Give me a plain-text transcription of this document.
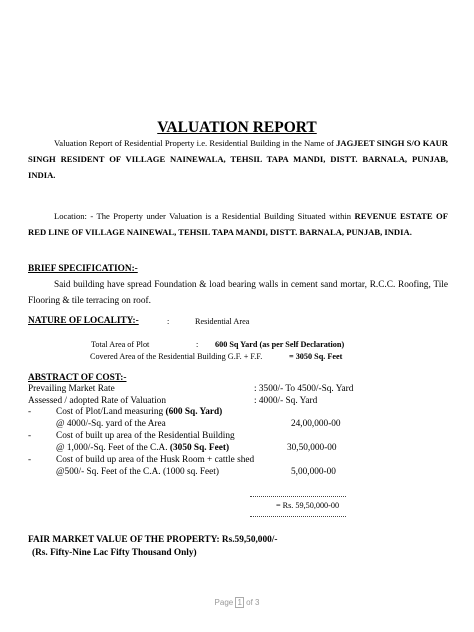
VALUATION REPORT
Valuation Report of Residential Property i.e. Residential Building in the Name of JAGJEET SINGH S/O KAUR SINGH RESIDENT OF VILLAGE NAINEWALA, TEHSIL TAPA MANDI, DISTT. BARNALA, PUNJAB, INDIA.
Location: - The Property under Valuation is a Residential Building Situated within REVENUE ESTATE OF RED LINE OF VILLAGE NAINEWAL, TEHSIL TAPA MANDI, DISTT. BARNALA, PUNJAB, INDIA.
BRIEF SPECIFICATION:-
Said building have spread Foundation & load bearing walls in cement sand mortar, R.C.C. Roofing, Tile Flooring & tile terracing on roof.
NATURE OF LOCALITY:-	:	Residential Area
Total Area of Plot	: 600 Sq Yard (as per Self Declaration)
Covered Area of the Residential Building G.F. + F.F.	= 3050 Sq. Feet
ABSTRACT OF COST:-
Prevailing Market Rate	: 3500/- To 4500/-Sq. Yard
Assessed / adopted Rate of Valuation	: 4000/- Sq. Yard
-	Cost of Plot/Land measuring (600 Sq. Yard)
@ 4000/-Sq. yard of the Area	24,00,000-00
-	Cost of built up area of the Residential Building
@ 1,000/-Sq. Feet of the C.A. (3050 Sq. Feet)	30,50,000-00
-	Cost of build up area of the Husk Room + cattle shed
@500/- Sq. Feet of the C.A. (1000 sq. Feet)	5,00,000-00
= Rs. 59,50,000-00
FAIR MARKET VALUE OF THE PROPERTY: Rs.59,50,000/-
(Rs. Fifty-Nine Lac Fifty Thousand Only)
Page 1 of 3
